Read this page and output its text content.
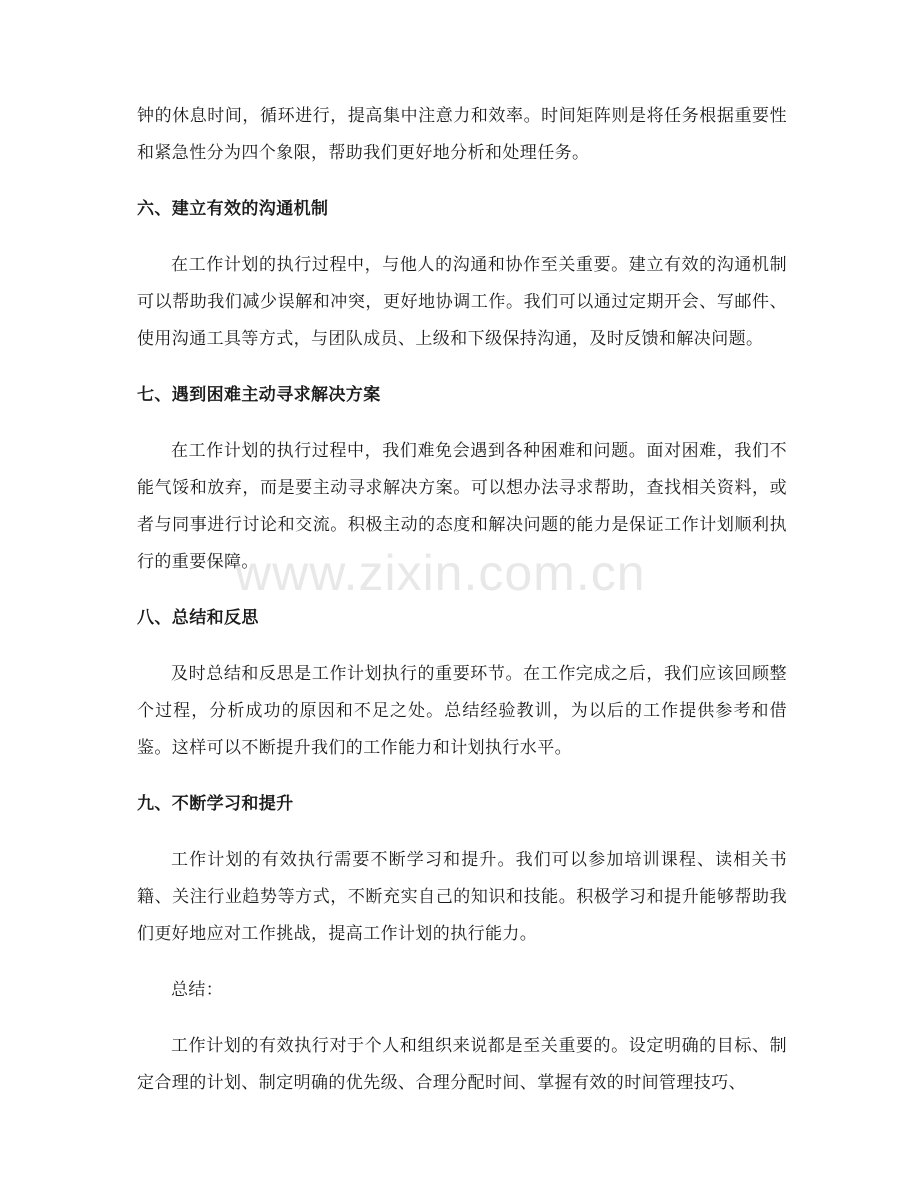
钟的休息时间，循环进行，提高集中注意力和效率。时间矩阵则是将任务根据重要性和紧急性分为四个象限，帮助我们更好地分析和处理任务。

六、建立有效的沟通机制

在工作计划的执行过程中，与他人的沟通和协作至关重要。建立有效的沟通机制可以帮助我们减少误解和冲突，更好地协调工作。我们可以通过定期开会、写邮件、使用沟通工具等方式，与团队成员、上级和下级保持沟通，及时反馈和解决问题。

七、遇到困难主动寻求解决方案

在工作计划的执行过程中，我们难免会遇到各种困难和问题。面对困难，我们不能气馁和放弃，而是要主动寻求解决方案。可以想办法寻求帮助，查找相关资料，或者与同事进行讨论和交流。积极主动的态度和解决问题的能力是保证工作计划顺利执行的重要保障。

八、总结和反思

及时总结和反思是工作计划执行的重要环节。在工作完成之后，我们应该回顾整个过程，分析成功的原因和不足之处。总结经验教训，为以后的工作提供参考和借鉴。这样可以不断提升我们的工作能力和计划执行水平。

九、不断学习和提升

工作计划的有效执行需要不断学习和提升。我们可以参加培训课程、读相关书籍、关注行业趋势等方式，不断充实自己的知识和技能。积极学习和提升能够帮助我们更好地应对工作挑战，提高工作计划的执行能力。

总结：

工作计划的有效执行对于个人和组织来说都是至关重要的。设定明确的目标、制定合理的计划、制定明确的优先级、合理分配时间、掌握有效的时间管理技巧、

www.zixin.com.cn
